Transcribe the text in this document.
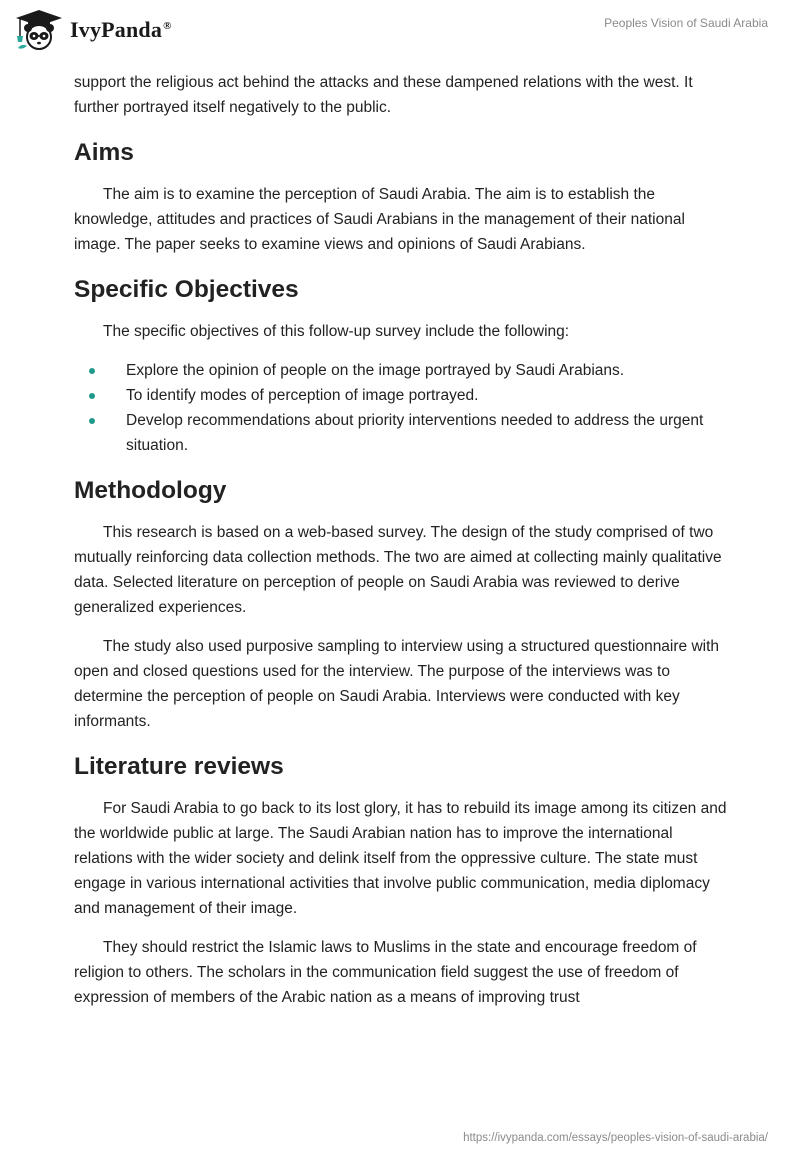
IvyPanda®	Peoples Vision of Saudi Arabia

support the religious act behind the attacks and these dampened relations with the west. It further portrayed itself negatively to the public.

Aims

The aim is to examine the perception of Saudi Arabia. The aim is to establish the knowledge, attitudes and practices of Saudi Arabians in the management of their national image. The paper seeks to examine views and opinions of Saudi Arabians.

Specific Objectives

The specific objectives of this follow-up survey include the following:

Explore the opinion of people on the image portrayed by Saudi Arabians.
To identify modes of perception of image portrayed.
Develop recommendations about priority interventions needed to address the urgent situation.
Methodology

This research is based on a web-based survey. The design of the study comprised of two mutually reinforcing data collection methods. The two are aimed at collecting mainly qualitative data. Selected literature on perception of people on Saudi Arabia was reviewed to derive generalized experiences.

The study also used purposive sampling to interview using a structured questionnaire with open and closed questions used for the interview. The purpose of the interviews was to determine the perception of people on Saudi Arabia. Interviews were conducted with key informants.

Literature reviews

For Saudi Arabia to go back to its lost glory, it has to rebuild its image among its citizen and the worldwide public at large. The Saudi Arabian nation has to improve the international relations with the wider society and delink itself from the oppressive culture. The state must engage in various international activities that involve public communication, media diplomacy and management of their image.

They should restrict the Islamic laws to Muslims in the state and encourage freedom of religion to others. The scholars in the communication field suggest the use of freedom of expression of members of the Arabic nation as a means of improving trust

https://ivypanda.com/essays/peoples-vision-of-saudi-arabia/
